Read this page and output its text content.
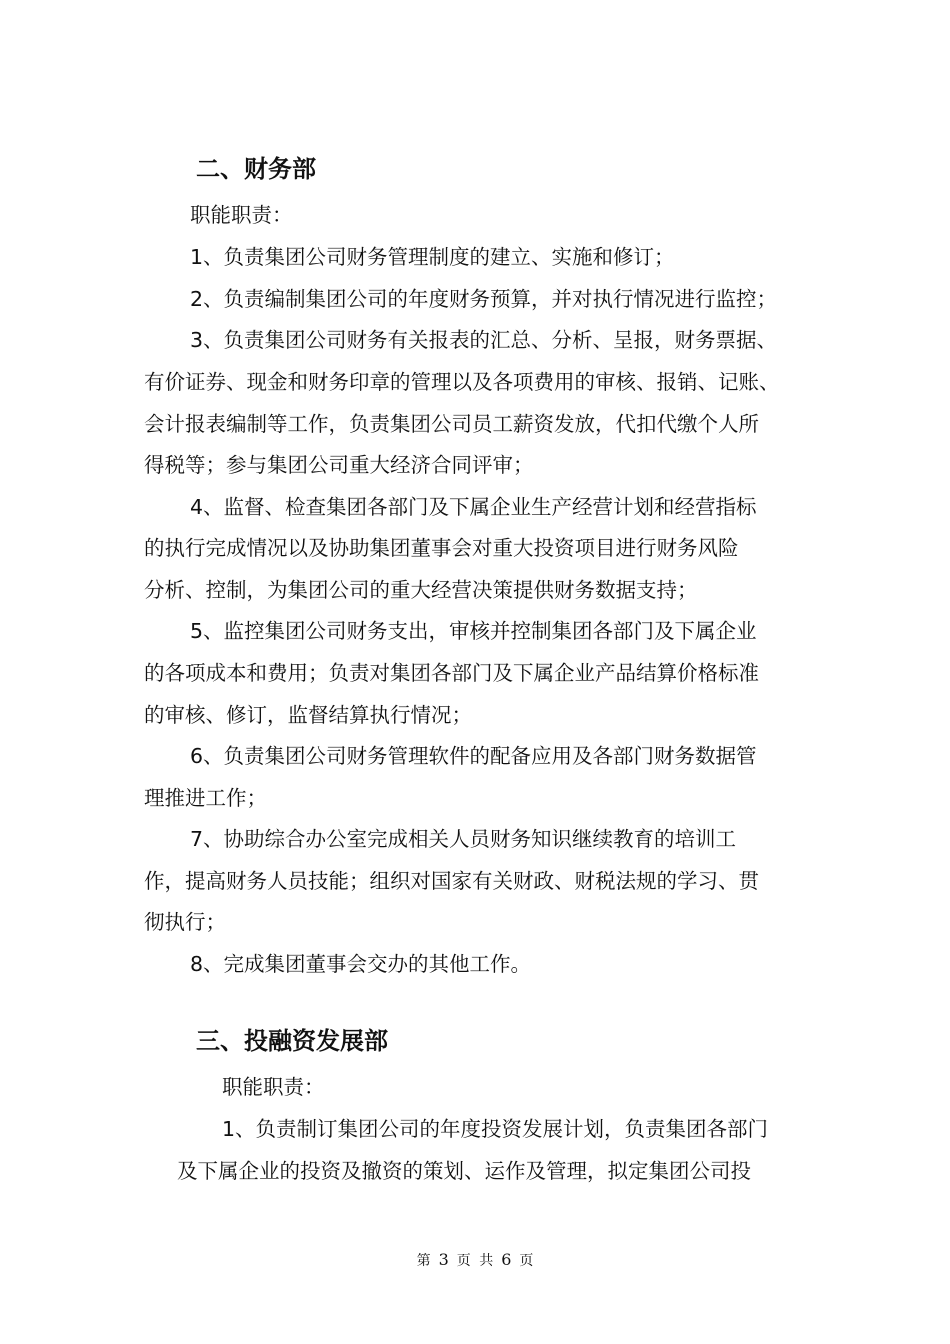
二、财务部

职能职责：

1、负责集团公司财务管理制度的建立、实施和修订；

2、负责编制集团公司的年度财务预算，并对执行情况进行监控；

3、负责集团公司财务有关报表的汇总、分析、呈报，财务票据、

有价证券、现金和财务印章的管理以及各项费用的审核、报销、记账、

会计报表编制等工作，负责集团公司员工薪资发放，代扣代缴个人所

得税等；参与集团公司重大经济合同评审；

4、监督、检查集团各部门及下属企业生产经营计划和经营指标

的执行完成情况以及协助集团董事会对重大投资项目进行财务风险

分析、控制，为集团公司的重大经营决策提供财务数据支持；

5、监控集团公司财务支出，审核并控制集团各部门及下属企业

的各项成本和费用；负责对集团各部门及下属企业产品结算价格标准

的审核、修订，监督结算执行情况；

6、负责集团公司财务管理软件的配备应用及各部门财务数据管

理推进工作；

7、协助综合办公室完成相关人员财务知识继续教育的培训工

作，提高财务人员技能；组织对国家有关财政、财税法规的学习、贯

彻执行；

8、完成集团董事会交办的其他工作。

三、投融资发展部

职能职责：

1、负责制订集团公司的年度投资发展计划，负责集团各部门

及下属企业的投资及撤资的策划、运作及管理，拟定集团公司投

第 3 页 共 6 页
